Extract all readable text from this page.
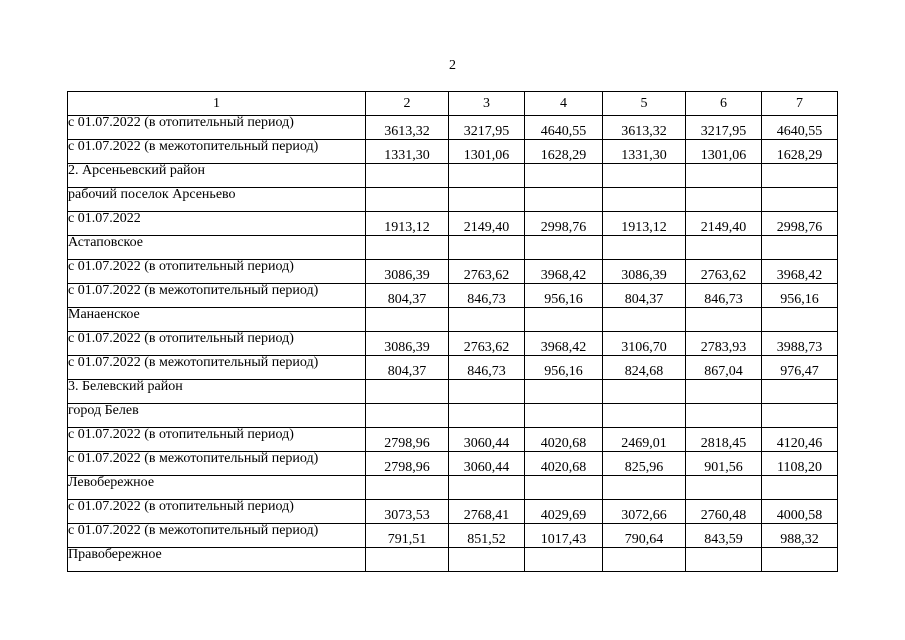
2
1	2	3	4	5	6	7
с 01.07.2022 (в отопительный период)	3613,32	3217,95	4640,55	3613,32	3217,95	4640,55
с 01.07.2022 (в межотопительный период)	1331,30	1301,06	1628,29	1331,30	1301,06	1628,29
2. Арсеньевский район						
рабочий поселок Арсеньево						
с 01.07.2022	1913,12	2149,40	2998,76	1913,12	2149,40	2998,76
Астаповское						
с 01.07.2022 (в отопительный период)	3086,39	2763,62	3968,42	3086,39	2763,62	3968,42
с 01.07.2022 (в межотопительный период)	804,37	846,73	956,16	804,37	846,73	956,16
Манаенское						
с 01.07.2022 (в отопительный период)	3086,39	2763,62	3968,42	3106,70	2783,93	3988,73
с 01.07.2022 (в межотопительный период)	804,37	846,73	956,16	824,68	867,04	976,47
3. Белевский район						
город Белев						
с 01.07.2022 (в отопительный период)	2798,96	3060,44	4020,68	2469,01	2818,45	4120,46
с 01.07.2022 (в межотопительный период)	2798,96	3060,44	4020,68	825,96	901,56	1108,20
Левобережное						
с 01.07.2022 (в отопительный период)	3073,53	2768,41	4029,69	3072,66	2760,48	4000,58
с 01.07.2022 (в межотопительный период)	791,51	851,52	1017,43	790,64	843,59	988,32
Правобережное						
